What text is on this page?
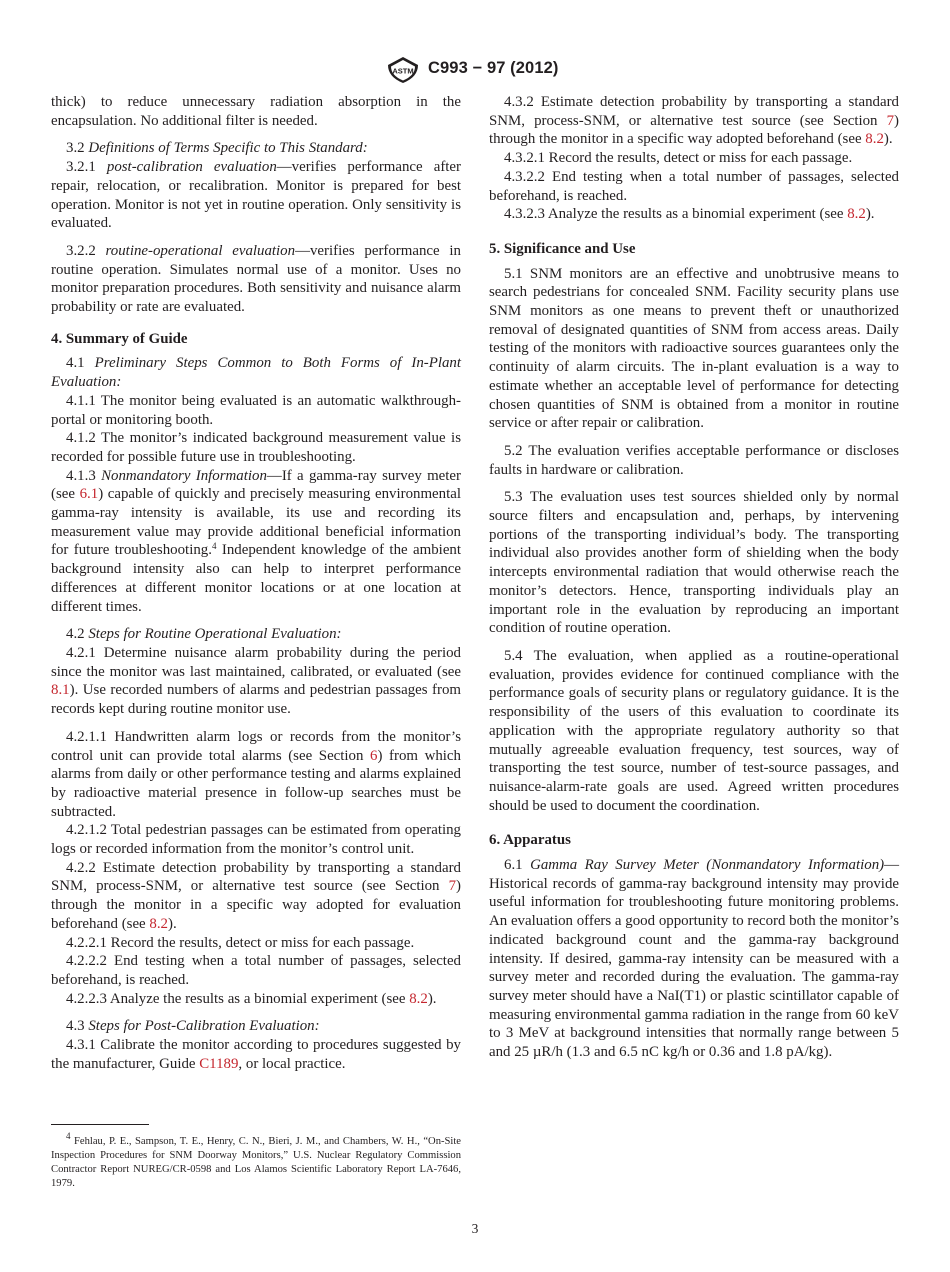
ASTM C993 − 97 (2012)

thick) to reduce unnecessary radiation absorption in the encapsulation. No additional filter is needed.

3.2 Definitions of Terms Specific to This Standard:

3.2.1 post-calibration evaluation—verifies performance after repair, relocation, or recalibration. Monitor is prepared for best operation. Monitor is not yet in routine operation. Only sensitivity is evaluated.

3.2.2 routine-operational evaluation—verifies performance in routine operation. Simulates normal use of a monitor. Uses no monitor preparation procedures. Both sensitivity and nuisance alarm probability or rate are evaluated.

4. Summary of Guide

4.1 Preliminary Steps Common to Both Forms of In-Plant Evaluation:

4.1.1 The monitor being evaluated is an automatic walkthrough-portal or monitoring booth.

4.1.2 The monitor’s indicated background measurement value is recorded for possible future use in troubleshooting.

4.1.3 Nonmandatory Information—If a gamma-ray survey meter (see 6.1) capable of quickly and precisely measuring environmental gamma-ray intensity is available, its use and recording its measurement value may provide additional beneficial information for future troubleshooting.$^4$ Independent knowledge of the ambient background intensity also can help to interpret performance differences at different monitor locations or at one location at different times.

4.2 Steps for Routine Operational Evaluation:

4.2.1 Determine nuisance alarm probability during the period since the monitor was last maintained, calibrated, or evaluated (see 8.1). Use recorded numbers of alarms and pedestrian passages from records kept during routine monitor use.

4.2.1.1 Handwritten alarm logs or records from the monitor’s control unit can provide total alarms (see Section 6) from which alarms from daily or other performance testing and alarms explained by radioactive material presence in follow-up searches must be subtracted.

4.2.1.2 Total pedestrian passages can be estimated from operating logs or recorded information from the monitor’s control unit.

4.2.2 Estimate detection probability by transporting a standard SNM, process-SNM, or alternative test source (see Section 7) through the monitor in a specific way adopted for evaluation beforehand (see 8.2).

4.2.2.1 Record the results, detect or miss for each passage.

4.2.2.2 End testing when a total number of passages, selected beforehand, is reached.

4.2.2.3 Analyze the results as a binomial experiment (see 8.2).

4.3 Steps for Post-Calibration Evaluation:

4.3.1 Calibrate the monitor according to procedures suggested by the manufacturer, Guide C1189, or local practice.

$^4$ Fehlau, P. E., Sampson, T. E., Henry, C. N., Bieri, J. M., and Chambers, W. H., “On-Site Inspection Procedures for SNM Doorway Monitors,” U.S. Nuclear Regulatory Commission Contractor Report NUREG/CR-0598 and Los Alamos Scientific Laboratory Report LA-7646, 1979.

4.3.2 Estimate detection probability by transporting a standard SNM, process-SNM, or alternative test source (see Section 7) through the monitor in a specific way adopted beforehand (see 8.2).

4.3.2.1 Record the results, detect or miss for each passage.

4.3.2.2 End testing when a total number of passages, selected beforehand, is reached.

4.3.2.3 Analyze the results as a binomial experiment (see 8.2).

5. Significance and Use

5.1 SNM monitors are an effective and unobtrusive means to search pedestrians for concealed SNM. Facility security plans use SNM monitors as one means to prevent theft or unauthorized removal of designated quantities of SNM from access areas. Daily testing of the monitors with radioactive sources guarantees only the continuity of alarm circuits. The in-plant evaluation is a way to estimate whether an acceptable level of performance for detecting chosen quantities of SNM is obtained from a monitor in routine service or after repair or calibration.

5.2 The evaluation verifies acceptable performance or discloses faults in hardware or calibration.

5.3 The evaluation uses test sources shielded only by normal source filters and encapsulation and, perhaps, by intervening portions of the transporting individual’s body. The transporting individual also provides another form of shielding when the body intercepts environmental radiation that would otherwise reach the monitor’s detectors. Hence, transporting individuals play an important role in the evaluation by reproducing an important condition of routine operation.

5.4 The evaluation, when applied as a routine-operational evaluation, provides evidence for continued compliance with the performance goals of security plans or regulatory guidance. It is the responsibility of the users of this evaluation to coordinate its application with the appropriate regulatory authority so that mutually agreeable evaluation frequency, test sources, way of transporting the test source, number of test-source passages, and nuisance-alarm-rate goals are used. Agreed written procedures should be used to document the coordination.

6. Apparatus

6.1 Gamma Ray Survey Meter (Nonmandatory Information)—Historical records of gamma-ray background intensity may provide useful information for troubleshooting future monitoring problems. An evaluation offers a good opportunity to record both the monitor’s indicated background count and the gamma-ray background intensity. If desired, gamma-ray intensity can be measured with a survey meter and recorded during the evaluation. The gamma-ray survey meter should have a NaI(T1) or plastic scintillator capable of measuring environmental gamma radiation in the range from 60 keV to 3 MeV at background intensities that normally range between 5 and 25 µR/h (1.3 and 6.5 nC kg/h or 0.36 and 1.8 pA/kg).

3
